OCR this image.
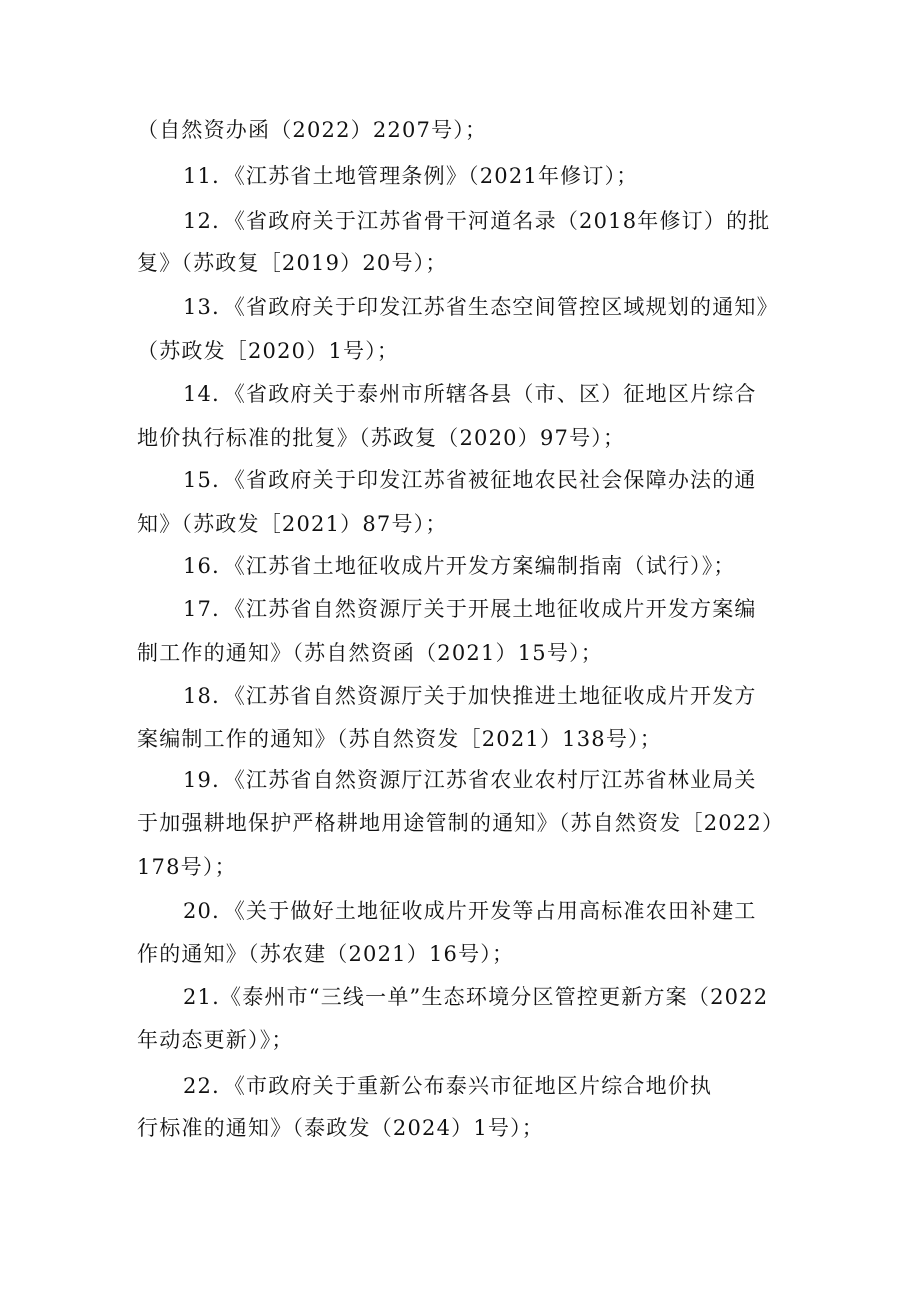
（自然资办函（2022）2207号）；
11．《江苏省土地管理条例》（2021年修订）；
12．《省政府关于江苏省骨干河道名录（2018年修订）的批
复》（苏政复［2019）20号）；
13．《省政府关于印发江苏省生态空间管控区域规划的通知》
（苏政发［2020）1号）；
14．《省政府关于泰州市所辖各县（市、区）征地区片综合
地价执行标准的批复》（苏政复（2020）97号）；
15．《省政府关于印发江苏省被征地农民社会保障办法的通
知》（苏政发［2021）87号）；
16．《江苏省土地征收成片开发方案编制指南（试行）》；
17．《江苏省自然资源厅关于开展土地征收成片开发方案编
制工作的通知》（苏自然资函（2021）15号）；
18．《江苏省自然资源厅关于加快推进土地征收成片开发方
案编制工作的通知》（苏自然资发［2021）138号）；
19．《江苏省自然资源厅江苏省农业农村厅江苏省林业局关
于加强耕地保护严格耕地用途管制的通知》（苏自然资发［2022）
178号）；
20．《关于做好土地征收成片开发等占用高标准农田补建工
作的通知》（苏农建（2021）16号）；
21.《泰州市“三线一单”生态环境分区管控更新方案（2022
年动态更新）》；
22．《市政府关于重新公布泰兴市征地区片综合地价执
行标准的通知》（泰政发（2024）1号）；
